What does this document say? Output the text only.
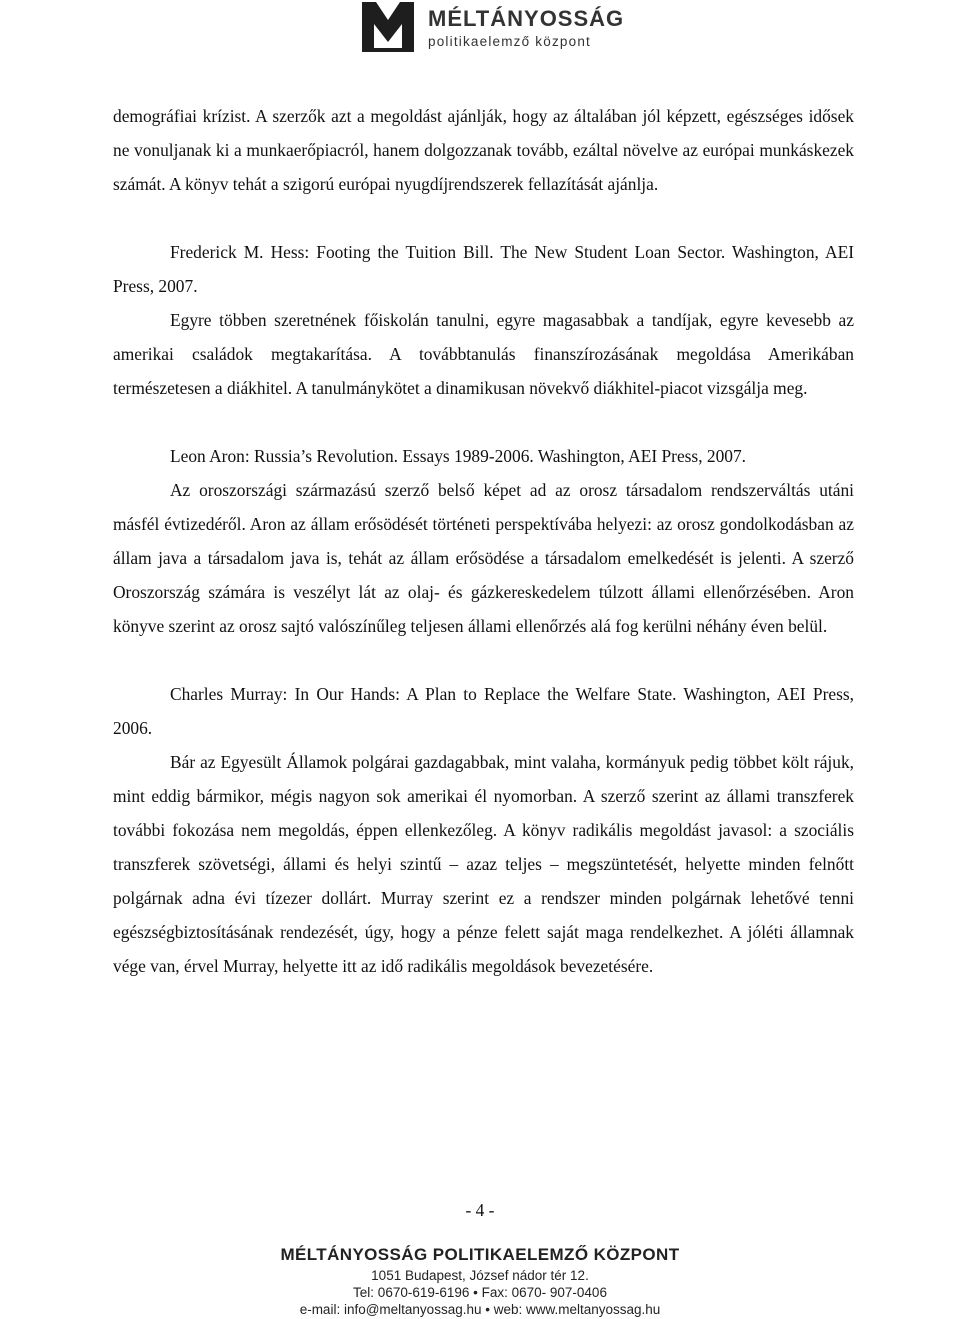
MÉLTÁNYOSSÁG
politikaelemző központ

demográfiai krízist. A szerzők azt a megoldást ajánlják, hogy az általában jól képzett, egészséges idősek ne vonuljanak ki a munkaerőpiacról, hanem dolgozzanak tovább, ezáltal növelve az európai munkáskezek számát. A könyv tehát a szigorú európai nyugdíjrendszerek fellazítását ajánlja.

Frederick M. Hess: Footing the Tuition Bill. The New Student Loan Sector. Washington, AEI Press, 2007.

Egyre többen szeretnének főiskolán tanulni, egyre magasabbak a tandíjak, egyre kevesebb az amerikai családok megtakarítása. A továbbtanulás finanszírozásának megoldása Amerikában természetesen a diákhitel. A tanulmánykötet a dinamikusan növekvő diákhitel-piacot vizsgálja meg.

Leon Aron: Russia’s Revolution. Essays 1989-2006. Washington, AEI Press, 2007.

Az oroszországi származású szerző belső képet ad az orosz társadalom rendszerváltás utáni másfél évtizedéről. Aron az állam erősödését történeti perspektívába helyezi: az orosz gondolkodásban az állam java a társadalom java is, tehát az állam erősödése a társadalom emelkedését is jelenti. A szerző Oroszország számára is veszélyt lát az olaj- és gázkereskedelem túlzott állami ellenőrzésében. Aron könyve szerint az orosz sajtó valószínűleg teljesen állami ellenőrzés alá fog kerülni néhány éven belül.

Charles Murray: In Our Hands: A Plan to Replace the Welfare State. Washington, AEI Press, 2006.

Bár az Egyesült Államok polgárai gazdagabbak, mint valaha, kormányuk pedig többet költ rájuk, mint eddig bármikor, mégis nagyon sok amerikai él nyomorban. A szerző szerint az állami transzferek további fokozása nem megoldás, éppen ellenkezőleg. A könyv radikális megoldást javasol: a szociális transzferek szövetségi, állami és helyi szintű – azaz teljes – megszüntetését, helyette minden felnőtt polgárnak adna évi tízezer dollárt. Murray szerint ez a rendszer minden polgárnak lehetővé tenni egészségbiztosításának rendezését, úgy, hogy a pénze felett saját maga rendelkezhet. A jóléti államnak vége van, érvel Murray, helyette itt az idő radikális megoldások bevezetésére.

- 4 -
MÉLTÁNYOSSÁG POLITIKAELEMZŐ KÖZPONT
1051 Budapest, József nádor tér 12.
Tel: 0670-619-6196 • Fax: 0670- 907-0406
e-mail: info@meltanyossag.hu • web: www.meltanyossag.hu
